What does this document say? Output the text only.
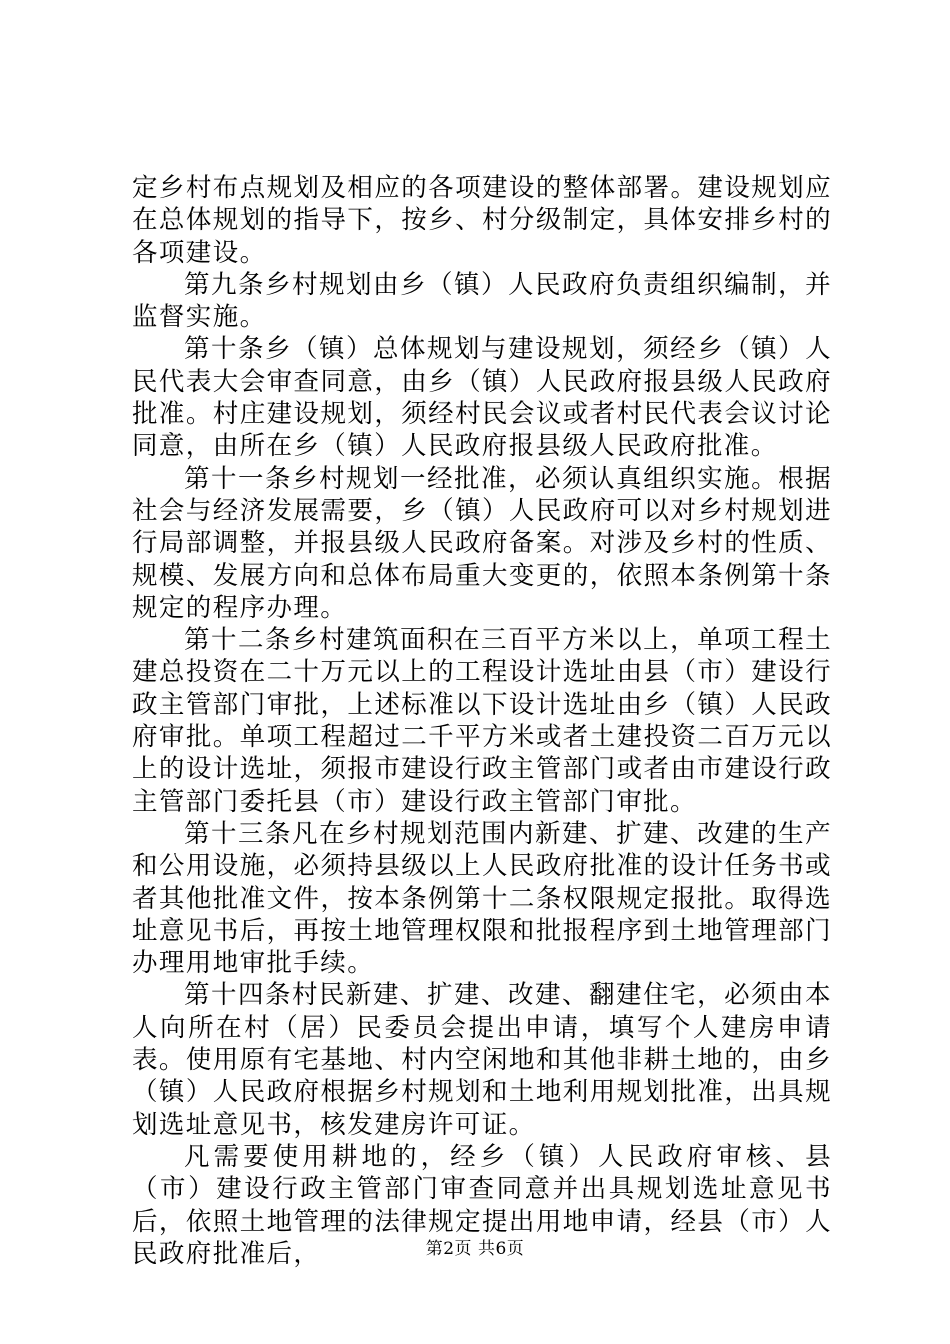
定乡村布点规划及相应的各项建设的整体部署。建设规划应在总体规划的指导下，按乡、村分级制定，具体安排乡村的各项建设。

第九条乡村规划由乡（镇）人民政府负责组织编制，并监督实施。

第十条乡（镇）总体规划与建设规划，须经乡（镇）人民代表大会审查同意，由乡（镇）人民政府报县级人民政府批准。村庄建设规划，须经村民会议或者村民代表会议讨论同意，由所在乡（镇）人民政府报县级人民政府批准。

第十一条乡村规划一经批准，必须认真组织实施。根据社会与经济发展需要，乡（镇）人民政府可以对乡村规划进行局部调整，并报县级人民政府备案。对涉及乡村的性质、规模、发展方向和总体布局重大变更的，依照本条例第十条规定的程序办理。

第十二条乡村建筑面积在三百平方米以上，单项工程土建总投资在二十万元以上的工程设计选址由县（市）建设行政主管部门审批，上述标准以下设计选址由乡（镇）人民政府审批。单项工程超过二千平方米或者土建投资二百万元以上的设计选址，须报市建设行政主管部门或者由市建设行政主管部门委托县（市）建设行政主管部门审批。

第十三条凡在乡村规划范围内新建、扩建、改建的生产和公用设施，必须持县级以上人民政府批准的设计任务书或者其他批准文件，按本条例第十二条权限规定报批。取得选址意见书后，再按土地管理权限和批报程序到土地管理部门办理用地审批手续。

第十四条村民新建、扩建、改建、翻建住宅，必须由本人向所在村（居）民委员会提出申请，填写个人建房申请表。使用原有宅基地、村内空闲地和其他非耕土地的，由乡（镇）人民政府根据乡村规划和土地利用规划批准，出具规划选址意见书，核发建房许可证。

凡需要使用耕地的，经乡（镇）人民政府审核、县（市）建设行政主管部门审查同意并出具规划选址意见书后，依照土地管理的法律规定提出用地申请，经县（市）人民政府批准后，	第2页 共6页
